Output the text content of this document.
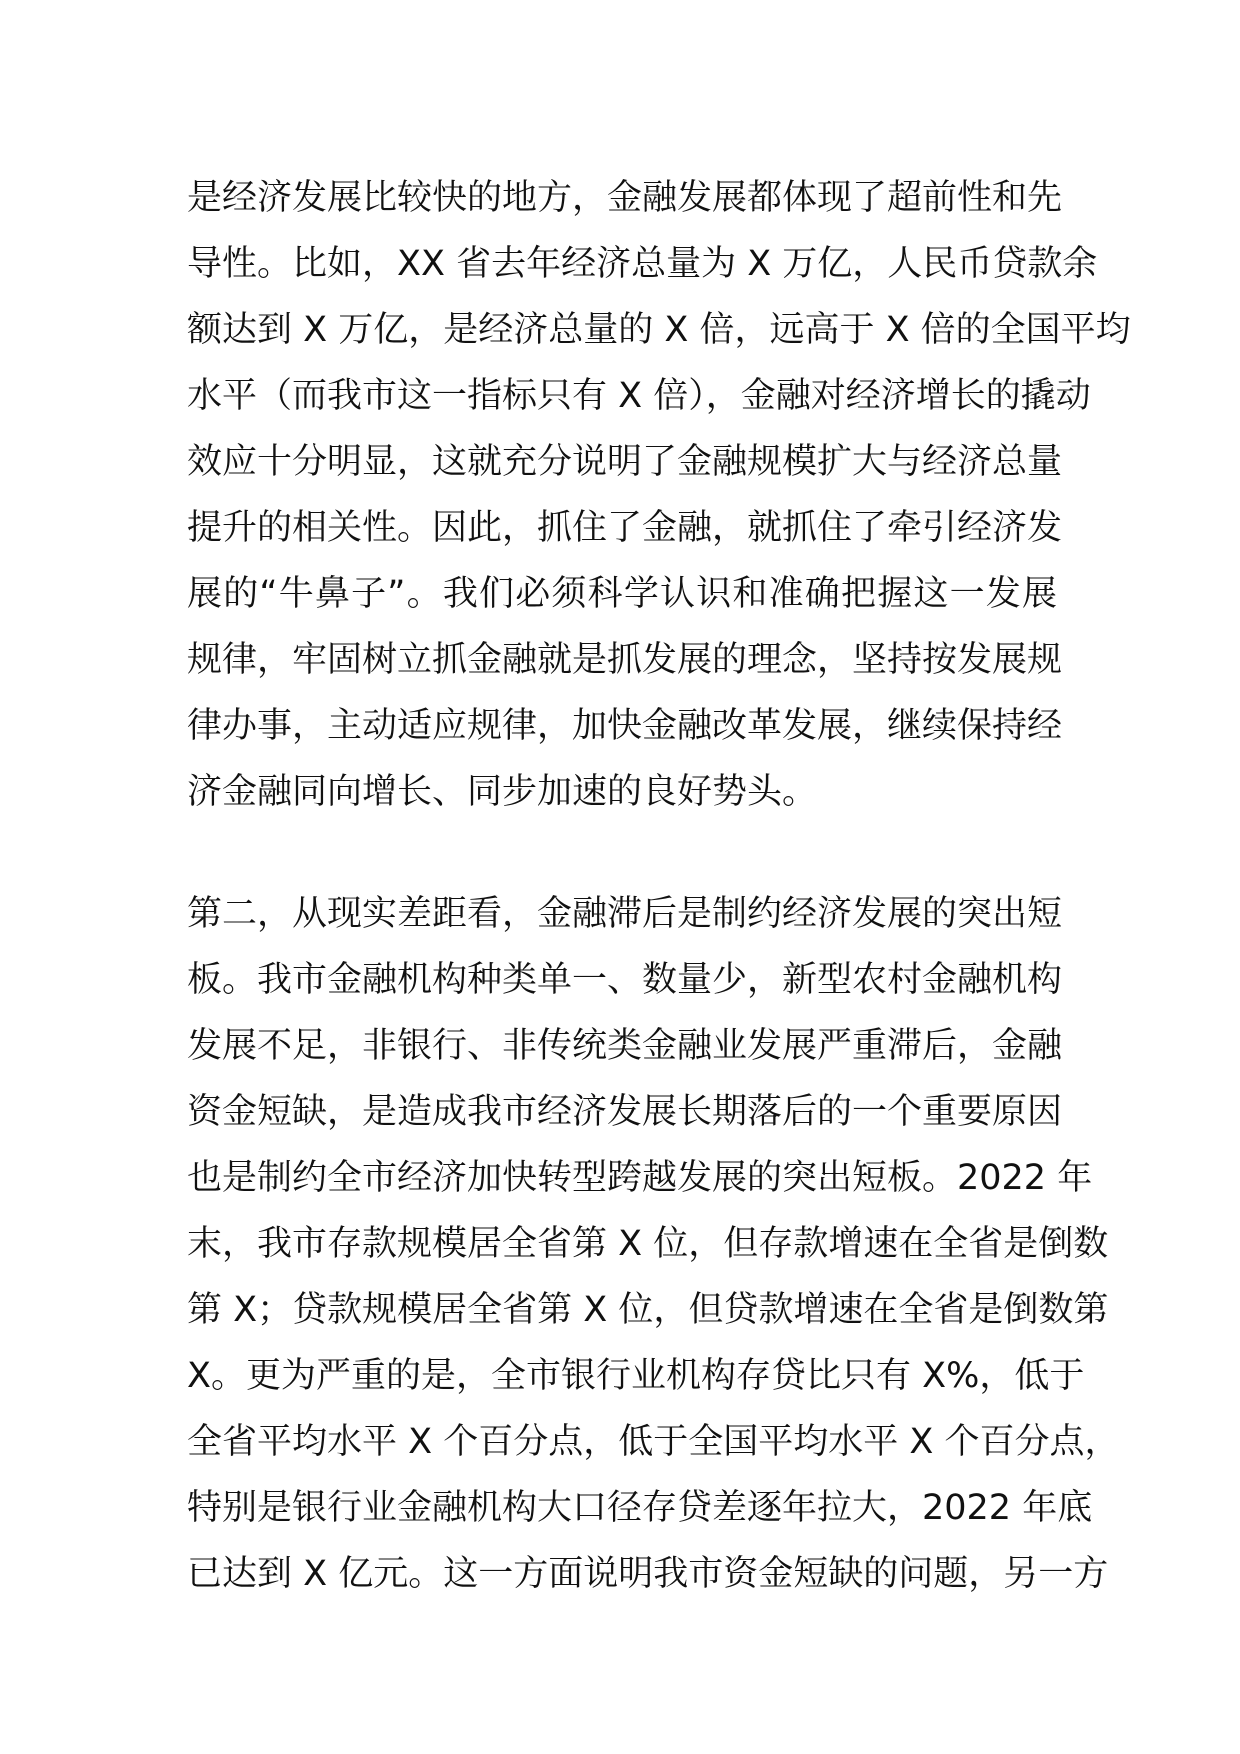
是经济发展比较快的地方，金融发展都体现了超前性和先
导性。比如，XX 省去年经济总量为 X 万亿，人民币贷款余
额达到 X 万亿，是经济总量的 X 倍，远高于 X 倍的全国平均
水平（而我市这一指标只有 X 倍），金融对经济增长的撬动
效应十分明显，这就充分说明了金融规模扩大与经济总量
提升的相关性。因此，抓住了金融，就抓住了牵引经济发
展的“牛鼻子”。我们必须科学认识和准确把握这一发展
规律，牢固树立抓金融就是抓发展的理念，坚持按发展规
律办事，主动适应规律，加快金融改革发展，继续保持经
济金融同向增长、同步加速的良好势头。
第二，从现实差距看，金融滞后是制约经济发展的突出短
板。我市金融机构种类单一、数量少，新型农村金融机构
发展不足，非银行、非传统类金融业发展严重滞后，金融
资金短缺，是造成我市经济发展长期落后的一个重要原因
也是制约全市经济加快转型跨越发展的突出短板。2022 年
末，我市存款规模居全省第 X 位，但存款增速在全省是倒数
第 X；贷款规模居全省第 X 位，但贷款增速在全省是倒数第
X。更为严重的是，全市银行业机构存贷比只有 X%，低于
全省平均水平 X 个百分点，低于全国平均水平 X 个百分点，
特别是银行业金融机构大口径存贷差逐年拉大，2022 年底
已达到 X 亿元。这一方面说明我市资金短缺的问题，另一方
